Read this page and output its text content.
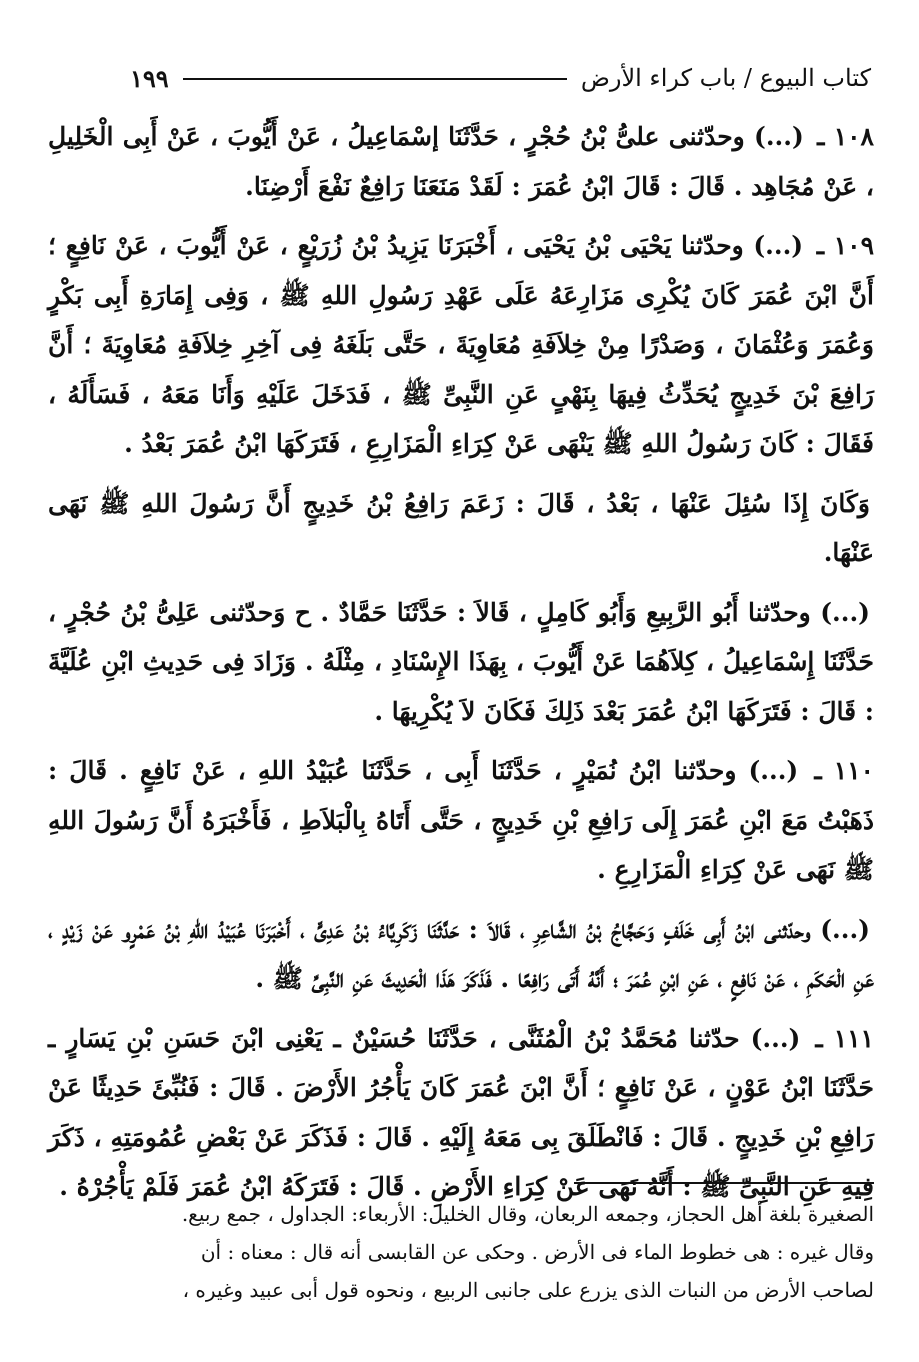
كتاب البيوع / باب كراء الأرض
١٩٩

١٠٨ ـ (...) وحدّثنى علىُّ بْنُ حُجْرٍ ، حَدَّثَنَا إسْمَاعِيلُ ، عَنْ أَيُّوبَ ، عَنْ أَبِى الْخَلِيلِ ، عَنْ مُجَاهِد . قَالَ : قَالَ ابْنُ عُمَرَ : لَقَدْ مَنَعَنَا رَافِعٌ نَفْعَ أَرْضِنَا.

١٠٩ ـ (...) وحدّثنا يَحْيَى بْنُ يَحْيَى ، أَخْبَرَنَا يَزِيدُ بْنُ زُرَيْعٍ ، عَنْ أَيُّوبَ ، عَنْ نَافِعٍ ؛ أَنَّ ابْنَ عُمَرَ كَانَ يُكْرِى مَزَارِعَهُ عَلَى عَهْدِ رَسُولِ اللهِ ﷺ ، وَفِى إِمَارَةِ أَبِى بَكْرٍ وَعُمَرَ وَعُثْمَانَ ، وَصَدْرًا مِنْ خِلاَفَةِ مُعَاوِيَةَ ، حَتَّى بَلَغَهُ فِى آخِرِ خِلاَفَةِ مُعَاوِيَةَ ؛ أَنَّ رَافِعَ بْنَ خَدِيجٍ يُحَدِّثُ فِيهَا بِنَهْىٍ عَنِ النَّبِىِّ ﷺ ، فَدَخَلَ عَلَيْهِ وَأَنَا مَعَهُ ، فَسَأَلَهُ ، فَقَالَ : كَانَ رَسُولُ اللهِ ﷺ يَنْهَى عَنْ كِرَاءِ الْمَزَارِعِ ، فَتَرَكَهَا ابْنُ عُمَرَ بَعْدُ .

وَكَانَ إِذَا سُئِلَ عَنْهَا ، بَعْدُ ، قَالَ : زَعَمَ رَافِعُ بْنُ خَدِيجٍ أَنَّ رَسُولَ اللهِ ﷺ نَهَى عَنْهَا.

(...) وحدّثنا أَبُو الرَّبِيعِ وَأَبُو كَامِلٍ ، قَالاَ : حَدَّثَنَا حَمَّادٌ . ح وَحدّثنى عَلِىُّ بْنُ حُجْرٍ ، حَدَّثَنَا إِسْمَاعِيلُ ، كِلاَهُمَا عَنْ أَيُّوبَ ، بِهَذَا الإِسْنَادِ ، مِثْلَهُ . وَزَادَ فِى حَدِيثِ ابْنِ عُلَيَّةَ : قَالَ : فَتَرَكَهَا ابْنُ عُمَرَ بَعْدَ ذَلِكَ فَكَانَ لاَ يُكْرِيهَا .

١١٠ ـ (...) وحدّثنا ابْنُ نُمَيْرٍ ، حَدَّثَنَا أَبِى ، حَدَّثَنَا عُبَيْدُ اللهِ ، عَنْ نَافِعٍ . قَالَ : ذَهَبْتُ مَعَ ابْنِ عُمَرَ إِلَى رَافِعِ بْنِ خَدِيجٍ ، حَتَّى أَتَاهُ بِالْبَلاَطِ ، فَأَخْبَرَهُ أَنَّ رَسُولَ اللهِ ﷺ نَهَى عَنْ كِرَاءِ الْمَزَارِعِ .

(...) وحدّثنى ابْنُ أَبِى خَلَفٍ وَحَجَّاجُ بْنُ الشَّاعِرِ ، قَالاَ : حَدَّثَنَا زَكَرِيَّاءُ بْنُ عَدِىٍّ ، أَخْبَرَنَا عُبَيْدُ اللهِ بْنُ عَمْرٍو عَنْ زَيْدٍ ، عَنِ الْحَكَمِ ، عَنْ نَافِعٍ ، عَنِ ابْنِ عُمَرَ ؛ أَنَّهُ أَتَى رَافِعًا . فَذَكَرَ هَذَا الْحَدِيثَ عَنِ النَّبِىِّ ﷺ .

١١١ ـ (...) حدّثنا مُحَمَّدُ بْنُ الْمُثَنَّى ، حَدَّثَنَا حُسَيْنٌ ـ يَعْنِى ابْنَ حَسَنِ بْنِ يَسَارٍ ـ حَدَّثَنَا ابْنُ عَوْنٍ ، عَنْ نَافِعٍ ؛ أَنَّ ابْنَ عُمَرَ كَانَ يَأْجُرُ الأَرْضَ . قَالَ : فَنُبِّئَ حَدِيثًا عَنْ رَافِعِ بْنِ خَدِيجٍ . قَالَ : فَانْطَلَقَ بِى مَعَهُ إِلَيْهِ . قَالَ : فَذَكَرَ عَنْ بَعْضِ عُمُومَتِهِ ، ذَكَرَ فِيهِ عَنِ النَّبِىِّ ﷺ : أَنَّهُ نَهَى عَنْ كِرَاءِ الأَرْضِ . قَالَ : فَتَرَكَهُ ابْنُ عُمَرَ فَلَمْ يَأْجُرْهُ .

الصغيرة بلغة أهل الحجاز، وجمعه الربعان، وقال الخليل: الأربعاء: الجداول ، جمع ربيع.

وقال غيره : هى خطوط الماء فى الأرض . وحكى عن القابسى أنه قال : معناه : أن

لصاحب الأرض من النبات الذى يزرع على جانبى الربيع ، ونحوه قول أبى عبيد وغيره ،
